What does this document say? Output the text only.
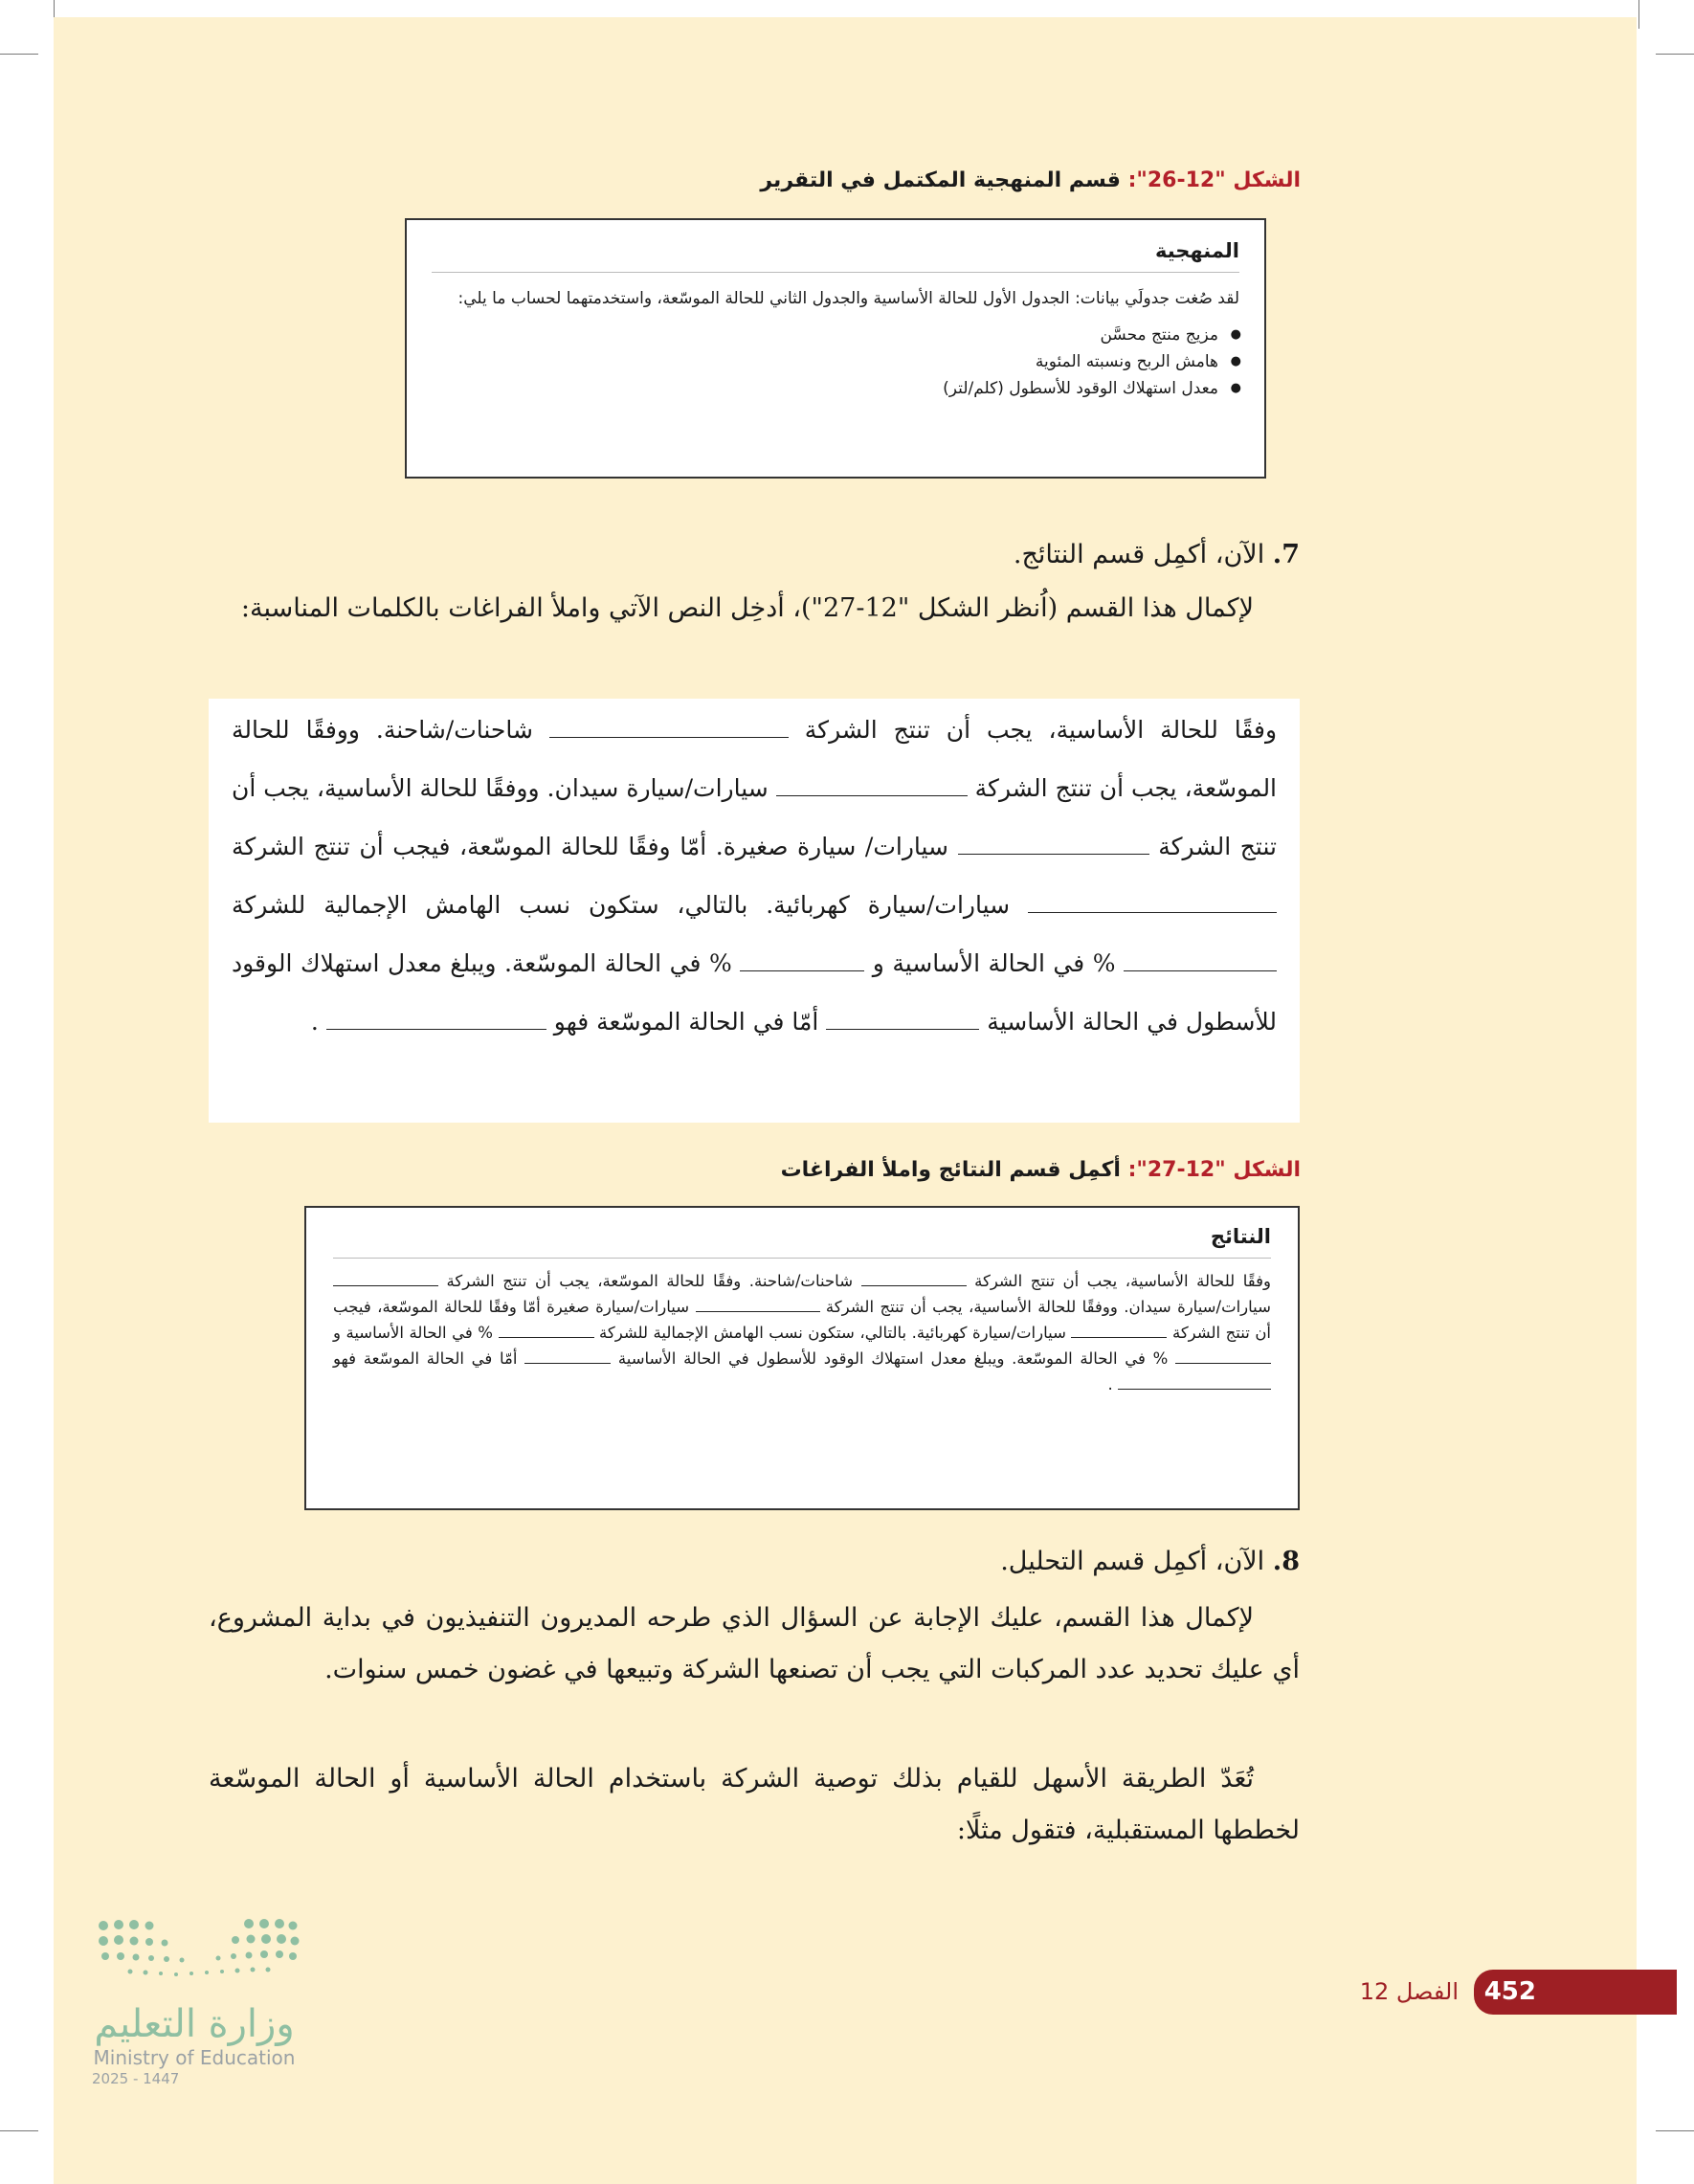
الشكل "12-26": قسم المنهجية المكتمل في التقرير
المنهجية

لقد صُغت جدولَي بيانات: الجدول الأول للحالة الأساسية والجدول الثاني للحالة الموسّعة، واستخدمتهما لحساب ما يلي:

● مزيج منتج محسَّن
● هامش الربح ونسبته المئوية
● معدل استهلاك الوقود للأسطول (كلم/لتر)
7. الآن، أكمِل قسم النتائج.
لإكمال هذا القسم (اُنظر الشكل "12-27")، أدخِل النص الآتي واملأ الفراغات بالكلمات المناسبة:

وفقًا للحالة الأساسية، يجب أن تنتج الشركة  شاحنات/شاحنة. ووفقًا للحالة الموسّعة، يجب أن تنتج الشركة  سيارات/سيارة سيدان. ووفقًا للحالة الأساسية، يجب أن تنتج الشركة  سيارات/ سيارة صغيرة. أمّا وفقًا للحالة الموسّعة، فيجب أن تنتج الشركة  سيارات/سيارة كهربائية. بالتالي، ستكون نسب الهامش الإجمالية للشركة  % في الحالة الأساسية و  % في الحالة الموسّعة. ويبلغ معدل استهلاك الوقود للأسطول في الحالة الأساسية  أمّا في الحالة الموسّعة فهو  .

الشكل "12-27": أكمِل قسم النتائج واملأ الفراغات
النتائج

وفقًا للحالة الأساسية، يجب أن تنتج الشركة  شاحنات/شاحنة. وفقًا للحالة الموسّعة، يجب أن تنتج الشركة  سيارات/سيارة سيدان. ووفقًا للحالة الأساسية، يجب أن تنتج الشركة  سيارات/سيارة صغيرة أمّا وفقًا للحالة الموسّعة، فيجب أن تنتج الشركة  سيارات/سيارة كهربائية. بالتالي، ستكون نسب الهامش الإجمالية للشركة  % في الحالة الأساسية و  % في الحالة الموسّعة. ويبلغ معدل استهلاك الوقود للأسطول في الحالة الأساسية  أمّا في الحالة الموسّعة فهو  .

8. الآن، أكمِل قسم التحليل.
لإكمال هذا القسم، عليك الإجابة عن السؤال الذي طرحه المديرون التنفيذيون في بداية المشروع، أي عليك تحديد عدد المركبات التي يجب أن تصنعها الشركة وتبيعها في غضون خمس سنوات.
تُعَدّ الطريقة الأسهل للقيام بذلك توصية الشركة باستخدام الحالة الأساسية أو الحالة الموسّعة لخططها المستقبلية، فتقول مثلًا:
452
الفصل 12
وزارة التعليم
Ministry of Education
2025 - 1447
